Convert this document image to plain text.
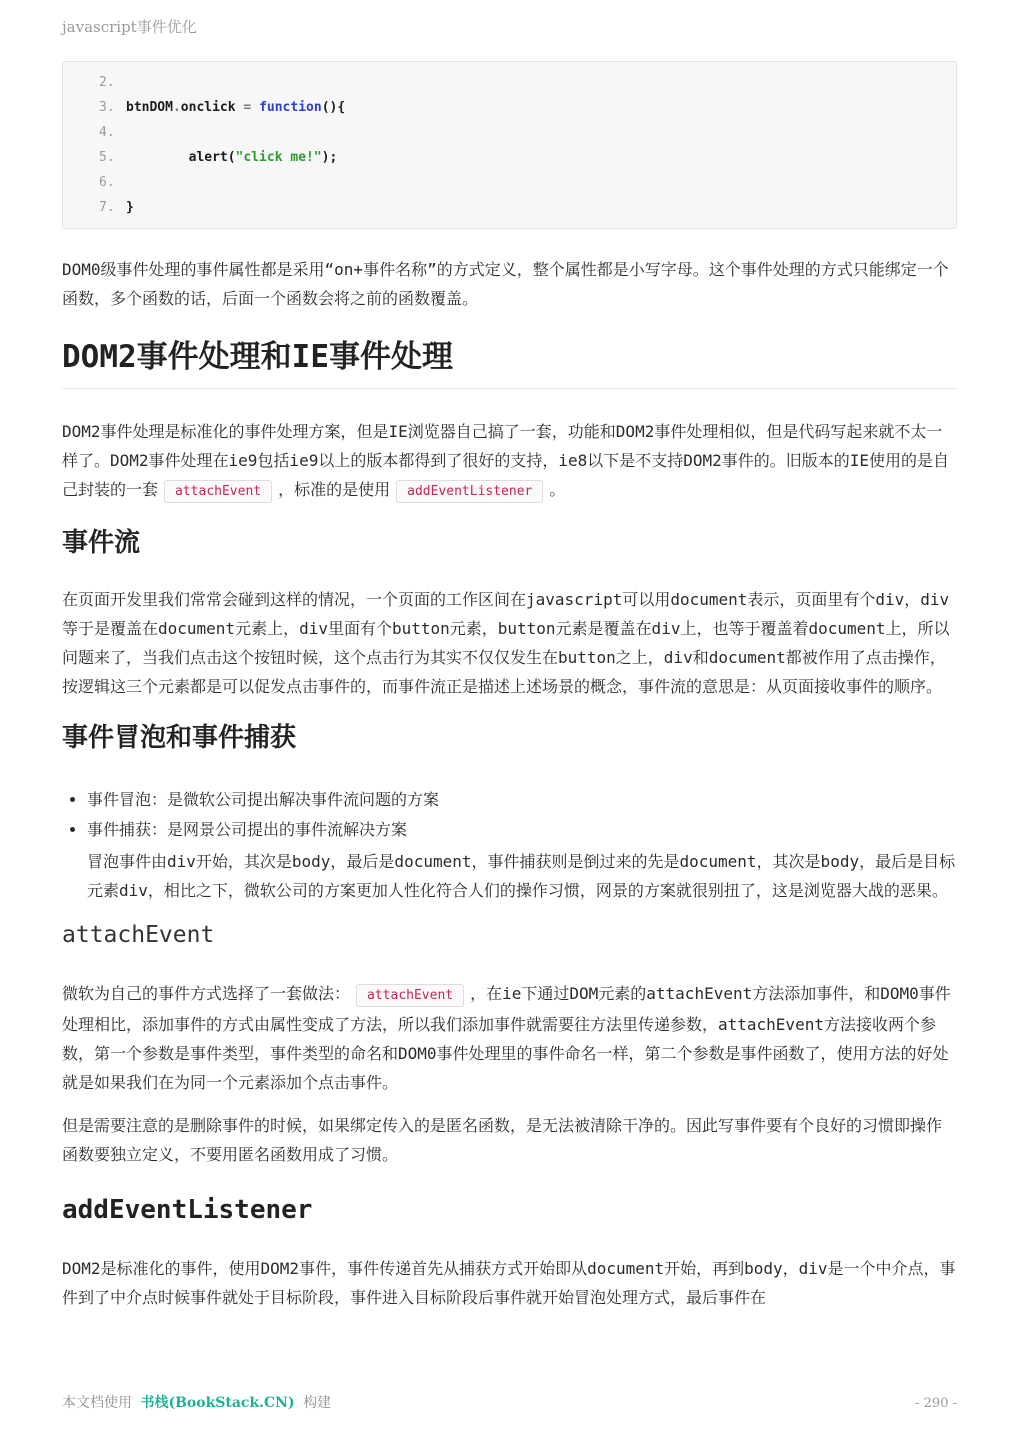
javascript事件优化
2.
3. btnDOM.onclick = function(){
4.
5.        alert("click me!");
6.
7. }

DOM0级事件处理的事件属性都是采用“on+事件名称”的方式定义，整个属性都是小写字母。这个事件处理的方式只能绑定一个函数，多个函数的话，后面一个函数会将之前的函数覆盖。

DOM2事件处理和IE事件处理

DOM2事件处理是标准化的事件处理方案，但是IE浏览器自己搞了一套，功能和DOM2事件处理相似，但是代码写起来就不太一样了。DOM2事件处理在ie9包括ie9以上的版本都得到了很好的支持，ie8以下是不支持DOM2事件的。旧版本的IE使用的是自己封装的一套 attachEvent ，标准的是使用 addEventListener 。

事件流

在页面开发里我们常常会碰到这样的情况，一个页面的工作区间在javascript可以用document表示，页面里有个div，div等于是覆盖在document元素上，div里面有个button元素，button元素是覆盖在div上，也等于覆盖着document上，所以问题来了，当我们点击这个按钮时候，这个点击行为其实不仅仅发生在button之上，div和document都被作用了点击操作，按逻辑这三个元素都是可以促发点击事件的，而事件流正是描述上述场景的概念，事件流的意思是：从页面接收事件的顺序。

事件冒泡和事件捕获
• 事件冒泡：是微软公司提出解决事件流问题的方案
• 事件捕获：是网景公司提出的事件流解决方案
冒泡事件由div开始，其次是body，最后是document，事件捕获则是倒过来的先是document，其次是body，最后是目标元素div，相比之下，微软公司的方案更加人性化符合人们的操作习惯，网景的方案就很别扭了，这是浏览器大战的恶果。
attachEvent

微软为自己的事件方式选择了一套做法： attachEvent ，在ie下通过DOM元素的attachEvent方法添加事件，和DOM0事件处理相比，添加事件的方式由属性变成了方法，所以我们添加事件就需要往方法里传递参数，attachEvent方法接收两个参数，第一个参数是事件类型，事件类型的命名和DOM0事件处理里的事件命名一样，第二个参数是事件函数了，使用方法的好处就是如果我们在为同一个元素添加个点击事件。

但是需要注意的是删除事件的时候，如果绑定传入的是匿名函数，是无法被清除干净的。因此写事件要有个良好的习惯即操作函数要独立定义，不要用匿名函数用成了习惯。

addEventListener

DOM2是标准化的事件，使用DOM2事件，事件传递首先从捕获方式开始即从document开始，再到body，div是一个中介点，事件到了中介点时候事件就处于目标阶段，事件进入目标阶段后事件就开始冒泡处理方式，最后事件在

本文档使用 书栈(BookStack.CN) 构建	- 290 -
